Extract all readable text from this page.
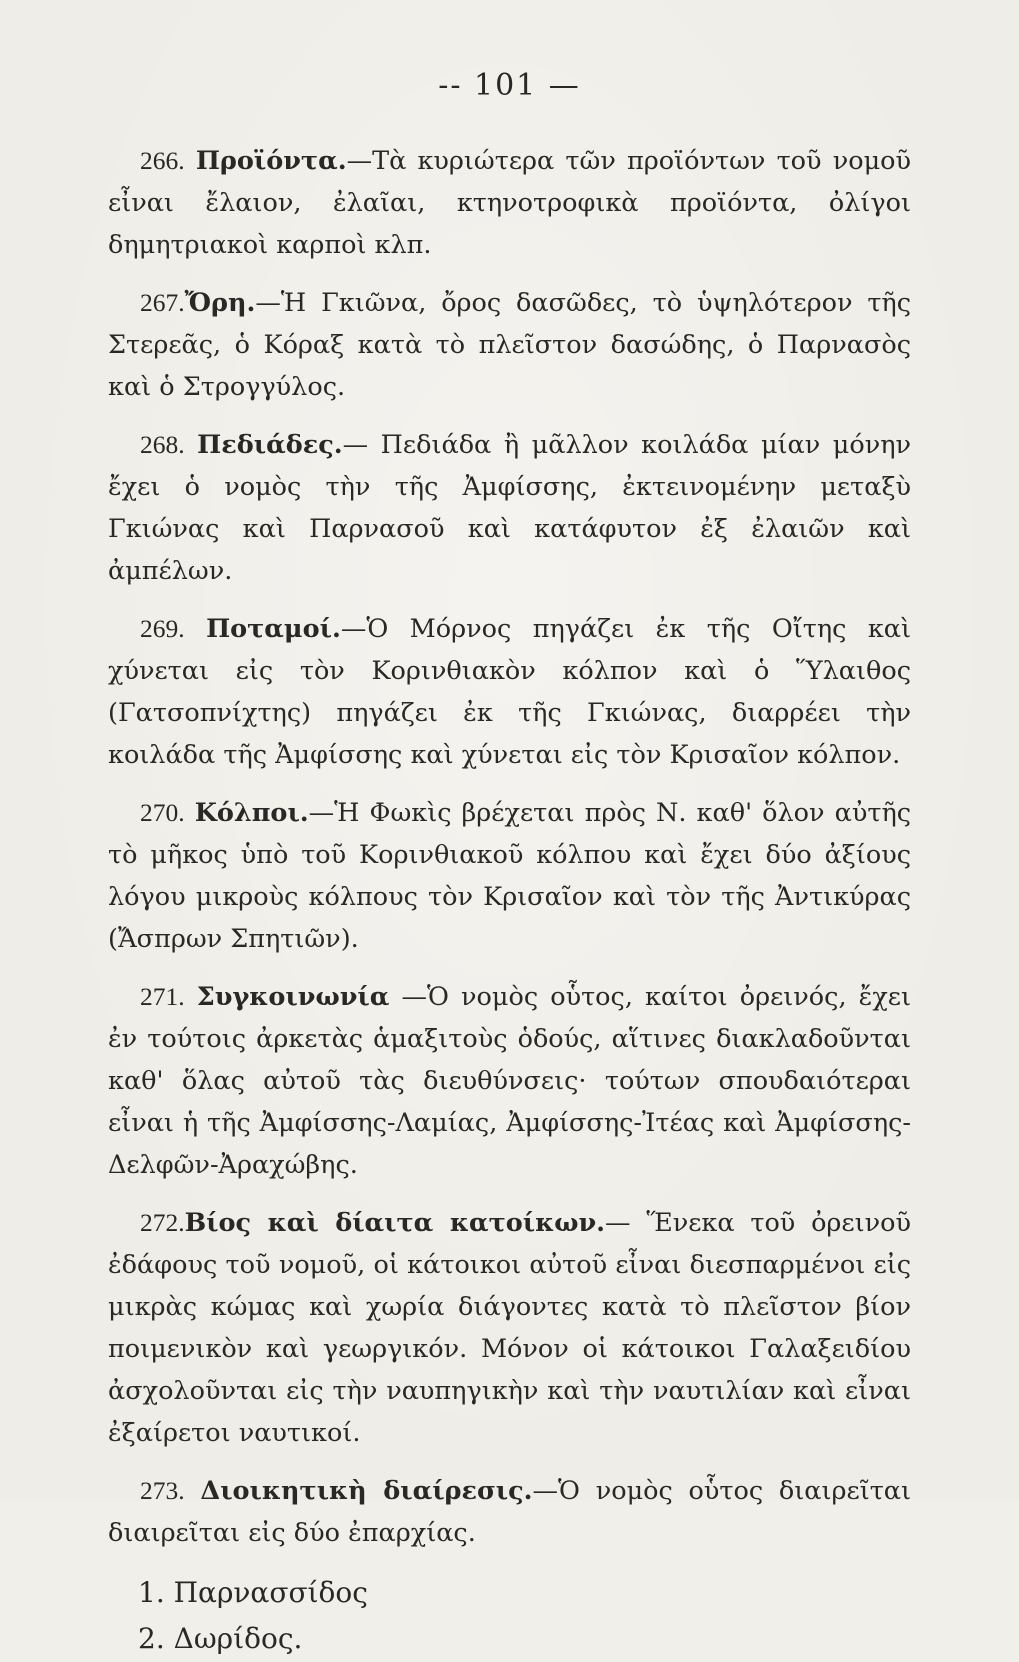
-- 101 —

266. Προϊόντα.—Τὰ κυριώτερα τῶν προϊόντων τοῦ νομοῦ εἶναι ἔλαιον, ἐλαῖαι, κτηνοτροφικὰ προϊόντα, ὀλίγοι δημητριακοὶ καρποὶ κλπ.

267.Ὄρη.—Ἡ Γκιῶνα, ὄρος δασῶδες, τὸ ὑψηλότερον τῆς Στερεᾶς, ὁ Κόραξ κατὰ τὸ πλεῖστον δασώδης, ὁ Παρνασὸς καὶ ὁ Στρογγύλος.

268. Πεδιάδες.— Πεδιάδα ἢ μᾶλλον κοιλάδα μίαν μόνην ἔχει ὁ νομὸς τὴν τῆς Ἀμφίσσης, ἐκτεινομένην μεταξὺ Γκιώνας καὶ Παρνασοῦ καὶ κατάφυτον ἐξ ἐλαιῶν καὶ ἀμπέλων.

269. Ποταμοί.—Ὁ Μόρνος πηγάζει ἐκ τῆς Οἴτης καὶ χύνεται εἰς τὸν Κορινθιακὸν κόλπον καὶ ὁ Ὕλαιθος (Γατσοπνίχτης) πηγάζει ἐκ τῆς Γκιώνας, διαρρέει τὴν κοιλάδα τῆς Ἀμφίσσης καὶ χύνεται εἰς τὸν Κρισαῖον κόλπον.

270. Κόλποι.—Ἡ Φωκὶς βρέχεται πρὸς Ν. καθ' ὅλον αὐτῆς τὸ μῆκος ὑπὸ τοῦ Κορινθιακοῦ κόλπου καὶ ἔχει δύο ἀξίους λόγου μικροὺς κόλπους τὸν Κρισαῖον καὶ τὸν τῆς Ἀντικύρας (Ἄσπρων Σπητιῶν).

271. Συγκοινωνία —Ὁ νομὸς οὗτος, καίτοι ὀρεινός, ἔχει ἐν τούτοις ἀρκετὰς ἁμαξιτοὺς ὁδούς, αἵτινες διακλαδοῦνται καθ' ὅλας αὐτοῦ τὰς διευθύνσεις· τούτων σπουδαιότεραι εἶναι ἡ τῆς Ἀμφίσσης-Λαμίας, Ἀμφίσσης-Ἰτέας καὶ Ἀμφίσσης-Δελφῶν-Ἀραχώβης.

272.Βίος καὶ δίαιτα κατοίκων.— Ἕνεκα τοῦ ὀρεινοῦ ἐδάφους τοῦ νομοῦ, οἱ κάτοικοι αὐτοῦ εἶναι διεσπαρμένοι εἰς μικρὰς κώμας καὶ χωρία διάγοντες κατὰ τὸ πλεῖστον βίον ποιμενικὸν καὶ γεωργικόν. Μόνον οἱ κάτοικοι Γαλαξειδίου ἀσχολοῦνται εἰς τὴν ναυπηγικὴν καὶ τὴν ναυτιλίαν καὶ εἶναι ἐξαίρετοι ναυτικοί.

273. Διοικητικὴ διαίρεσις.—Ὁ νομὸς οὗτος διαιρεῖται διαιρεῖται εἰς δύο ἐπαρχίας.

1. Παρνασσίδος
2. Δωρίδος.
